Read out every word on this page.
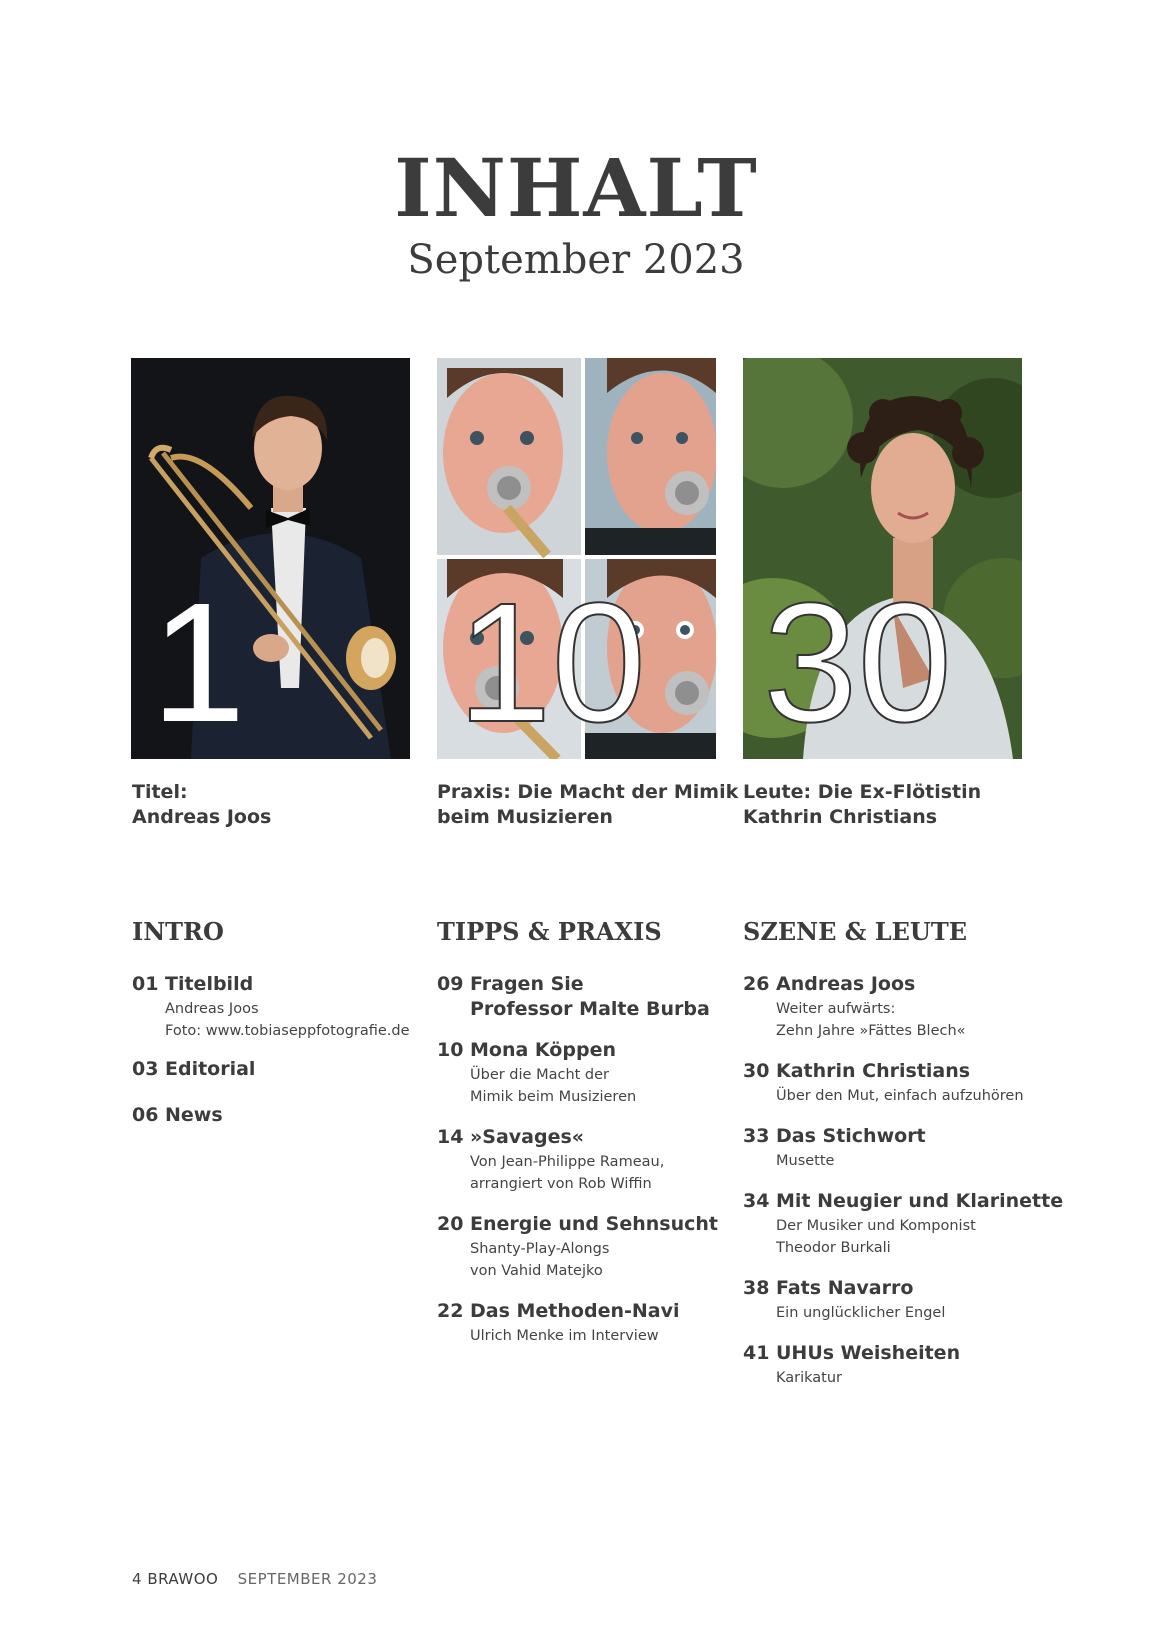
INHALT
September 2023
1 10 30
Titel:
Andreas Joos
Praxis: Die Macht der Mimik
beim Musizieren
Leute: Die Ex-Flötistin
Kathrin Christians
INTRO	TIPPS & PRAXIS	SZENE & LEUTE
01 Titelbild
Andreas Joos
Foto: www.tobiaseppfotografie.de
03 Editorial
06 News
09 Fragen Sie
Professor Malte Burba
10 Mona Köppen
Über die Macht der
Mimik beim Musizieren
14 »Savages«
Von Jean-Philippe Rameau,
arrangiert von Rob Wiffin
20 Energie und Sehnsucht
Shanty-Play-Alongs
von Vahid Matejko
22 Das Methoden-Navi
Ulrich Menke im Interview
26 Andreas Joos
Weiter aufwärts:
Zehn Jahre »Fättes Blech«
30 Kathrin Christians
Über den Mut, einfach aufzuhören
33 Das Stichwort
Musette
34 Mit Neugier und Klarinette
Der Musiker und Komponist
Theodor Burkali
38 Fats Navarro
Ein unglücklicher Engel
41 UHUs Weisheiten
Karikatur
4 BRAWOO SEPTEMBER 2023
